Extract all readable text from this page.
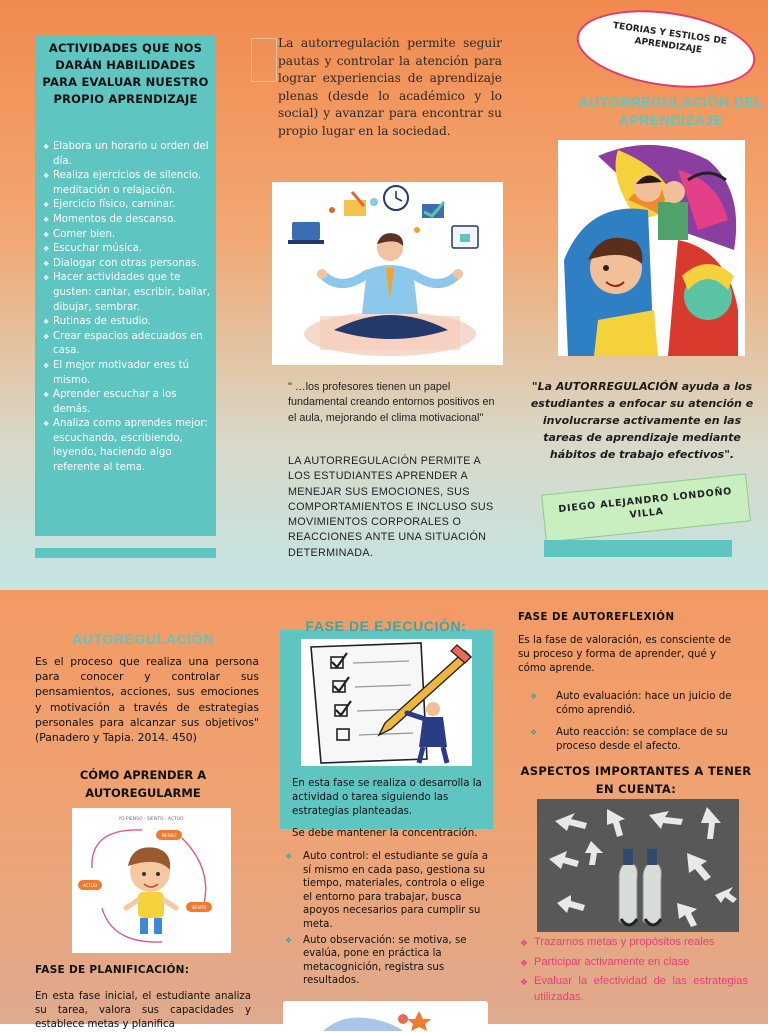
ACTIVIDADES QUE NOS DARÁN HABILIDADES PARA EVALUAR NUESTRO PROPIO APRENDIZAJE
❖ Elabora un horario u orden del día.
❖ Realiza ejercicios de silencio, meditación o relajación.
❖ Ejercicio físico, caminar.
❖ Momentos de descanso.
❖ Comer bien.
❖ Escuchar música.
❖ Dialogar con otras personas.
❖ Hacer actividades que te gusten: cantar, escribir, bailar, dibujar, sembrar.
❖ Rutinas de estudio.
❖ Crear espacios adecuados en casa.
❖ El mejor motivador eres tú mismo.
❖ Aprender escuchar a los demás.
❖ Analiza como aprendes mejor: escuchando, escribiendo, leyendo, haciendo algo referente al tema.

La autorregulación permite seguir pautas y controlar la atención para lograr experiencias de aprendizaje plenas (desde lo académico y lo social) y avanzar para encontrar su propio lugar en la sociedad.

" …los profesores tienen un papel fundamental creando entornos positivos en el aula, mejorando el clima motivacional"

LA AUTORREGULACIÓN PERMITE A LOS ESTUDIANTES APRENDER A MENEJAR SUS EMOCIONES, SUS COMPORTAMIENTOS E INCLUSO SUS MOVIMIENTOS CORPORALES O REACCIONES ANTE UNA SITUACIÓN DETERMINADA.

TEORIAS Y ESTILOS DE APRENDIZAJE
AUTORREGULACIÓN DEL APRENDIZAJE

"La AUTORREGULACIÓN ayuda a los estudiantes a enfocar su atención e involucrarse activamente en las tareas de aprendizaje mediante hábitos de trabajo efectivos".

DIEGO ALEJANDRO LONDOÑO VILLA
AUTOREGULACIÓN

Es el proceso que realiza una persona para conocer y controlar sus pensamientos, acciones, sus emociones y motivación a través de estrategias personales para alcanzar sus objetivos" (Panadero y Tapia. 2014. 450)

CÓMO APRENDER A AUTOREGULARME
YO PIENSO · SIENTO · ACTÚO
PIENSO
ACTÚO
SIENTO
FASE DE PLANIFICACIÓN:

En esta fase inicial, el estudiante analiza su tarea, valora sus capacidades y establece metas y planifica

FASE DE EJECUCIÓN:

En esta fase se realiza o desarrolla la actividad o tarea siguiendo las estrategias planteadas.

Se debe mantener la concentración.

❖ Auto control: el estudiante se guía a sí mismo en cada paso, gestiona su tiempo, materiales, controla o elige el entorno para trabajar, busca apoyos necesarios para cumplir su meta.
❖ Auto observación: se motiva, se evalúa, pone en práctica la metacognición, registra sus resultados.
FASE DE AUTOREFLEXIÓN

Es la fase de valoración, es consciente de su proceso y forma de aprender, qué y cómo aprende.

❖ Auto evaluación: hace un juicio de cómo aprendió.
❖ Auto reacción: se complace de su proceso desde el afecto.
ASPECTOS IMPORTANTES A TENER EN CUENTA:
❖ Trazarnos metas y propósitos reales
❖ Participar activamente en clase
❖ Evaluar la efectividad de las estrategias utilizadas.
